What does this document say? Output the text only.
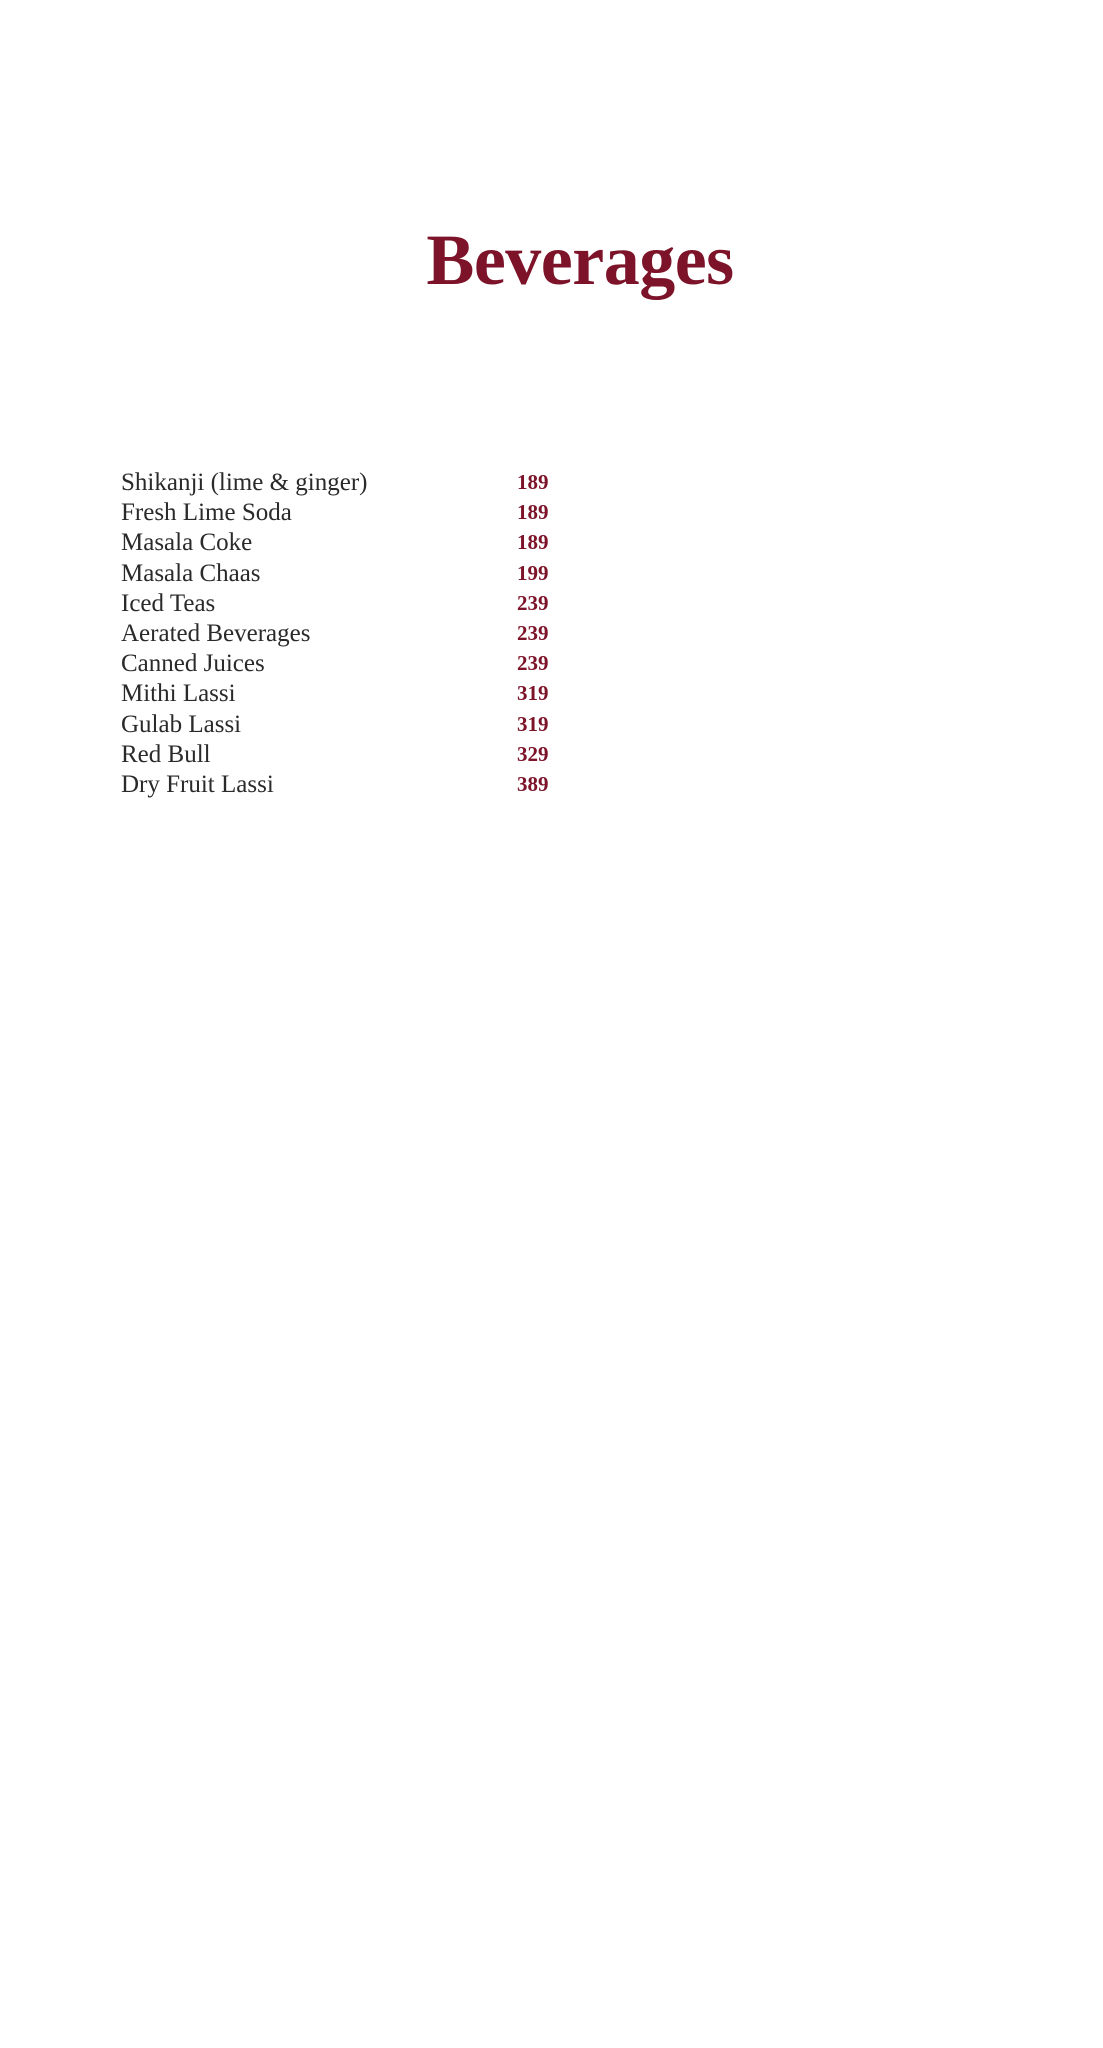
Beverages
Shikanji (lime & ginger)	189
Fresh Lime Soda	189
Masala Coke	189
Masala Chaas	199
Iced Teas	239
Aerated Beverages	239
Canned Juices	239
Mithi Lassi	319
Gulab Lassi	319
Red Bull	329
Dry Fruit Lassi	389
